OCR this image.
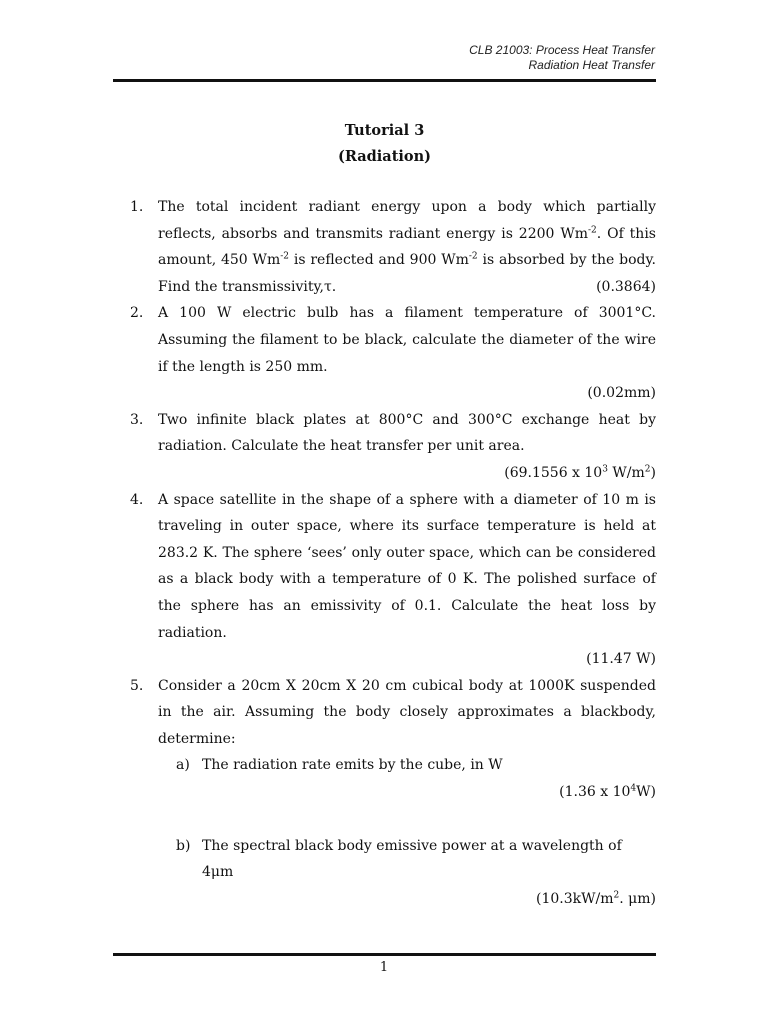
CLB 21003: Process Heat Transfer
Radiation Heat Transfer
Tutorial 3
(Radiation)
1.	The total incident radiant energy upon a body which partially reflects, absorbs and transmits radiant energy is 2200 $Wm^{-2}$. Of this amount, 450 $Wm^{-2}$ is reflected and 900 $Wm^{-2}$ is absorbed by the body. Find the transmissivity,τ.	(0.3864)
2.	A 100 W electric bulb has a filament temperature of 3001°C. Assuming the filament to be black, calculate the diameter of the wire if the length is 250 mm.
(0.02mm)
3.	Two infinite black plates at 800°C and 300°C exchange heat by radiation. Calculate the heat transfer per unit area.
(69.1556 x $10^3$ $W/m^2$)
4.	A space satellite in the shape of a sphere with a diameter of 10 m is traveling in outer space, where its surface temperature is held at 283.2 K. The sphere ‘sees’ only outer space, which can be considered as a black body with a temperature of 0 K. The polished surface of the sphere has an emissivity of 0.1. Calculate the heat loss by radiation.
(11.47 W)
5.	Consider a 20cm X 20cm X 20 cm cubical body at 1000K suspended in the air. Assuming the body closely approximates a blackbody, determine:
a) The radiation rate emits by the cube, in W
(1.36 x $10^4W$)
b) The spectral black body emissive power at a wavelength of 4μm
($10.3kW/m^2$. μm)
1
